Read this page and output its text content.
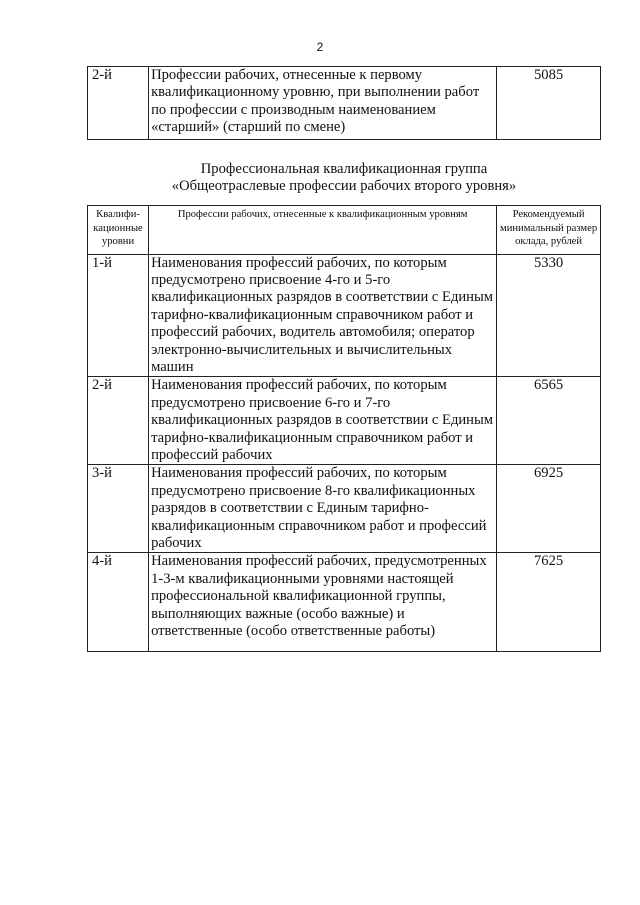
2
2-й	Профессии рабочих, отнесенные к первому квалификационному уровню, при выполнении работ по профессии с производным наименованием «старший» (старший по смене)	5085
Профессиональная квалификационная группа
«Общеотраслевые профессии рабочих второго уровня»
Квалифи-кационные уровни	Профессии рабочих, отнесенные к квалификационным уровням	Рекомендуемый минимальный размер оклада, рублей
1-й	Наименования профессий рабочих, по которым предусмотрено присвоение 4-го и 5-го квалификационных разрядов в соответствии с Единым тарифно-квалификационным справочником работ и профессий рабочих, водитель автомобиля; оператор электронно-вычислительных и вычислительных машин	5330
2-й	Наименования профессий рабочих, по которым предусмотрено присвоение 6-го и 7-го квалификационных разрядов в соответствии с Единым тарифно-квалификационным справочником работ и профессий рабочих	6565
3-й	Наименования профессий рабочих, по которым предусмотрено присвоение 8-го квалификационных разрядов в соответствии с Единым тарифно-квалификационным справочником работ и профессий рабочих	6925
4-й	Наименования профессий рабочих, предусмотренных 1-3-м квалификационными уровнями настоящей профессиональной квалификационной группы, выполняющих важные (особо важные) и ответственные (особо ответственные работы)	7625
